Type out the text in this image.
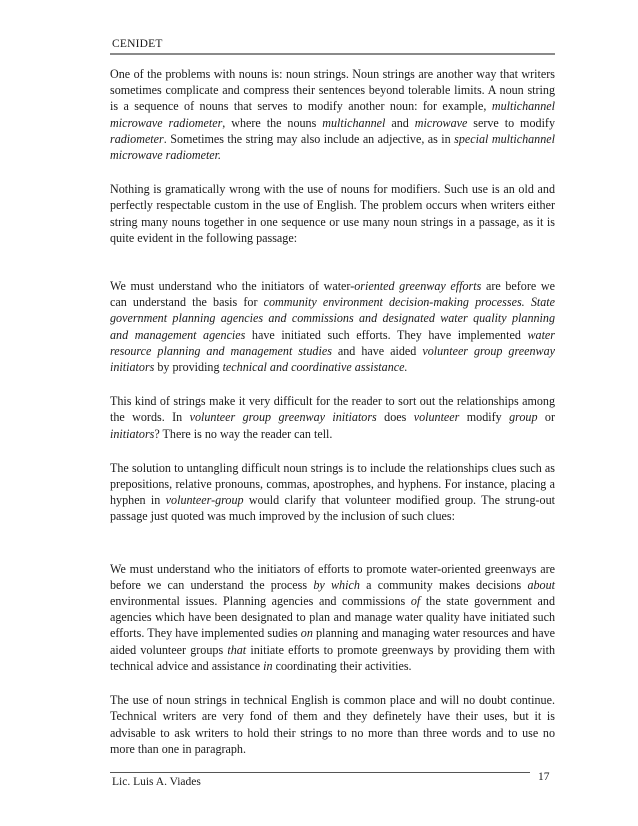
CENIDET

One of the problems with nouns is: noun strings. Noun strings are another way that writers sometimes complicate and compress their sentences beyond tolerable limits. A noun string is a sequence of nouns that serves to modify another noun: for example, multichannel microwave radiometer, where the nouns multichannel and microwave serve to modify radiometer. Sometimes the string may also include an adjective, as in special multichannel microwave radiometer.

Nothing is gramatically wrong with the use of nouns for modifiers. Such use is an old and perfectly respectable custom in the use of English. The problem occurs when writers either string many nouns together in one sequence or use many noun strings in a passage, as it is quite evident in the following passage:

We must understand who the initiators of water-oriented greenway efforts are before we can understand the basis for community environment decision-making processes. State government planning agencies and commissions and designated water quality planning and management agencies have initiated such efforts. They have implemented water resource planning and management studies and have aided volunteer group greenway initiators by providing technical and coordinative assistance.

This kind of strings make it very difficult for the reader to sort out the relationships among the words. In volunteer group greenway initiators does volunteer modify group or initiators? There is no way the reader can tell.

The solution to untangling difficult noun strings is to include the relationships clues such as prepositions, relative pronouns, commas, apostrophes, and hyphens. For instance, placing a hyphen in volunteer-group would clarify that volunteer modified group. The strung-out passage just quoted was much improved by the inclusion of such clues:

We must understand who the initiators of efforts to promote water-oriented greenways are before we can understand the process by which a community makes decisions about environmental issues. Planning agencies and commissions of the state government and agencies which have been designated to plan and manage water quality have initiated such efforts. They have implemented sudies on planning and managing water resources and have aided volunteer groups that initiate efforts to promote greenways by providing them with technical advice and assistance in coordinating their activities.

The use of noun strings in technical English is common place and will no doubt continue. Technical writers are very fond of them and they definetely have their uses, but it is advisable to ask writers to hold their strings to no more than three words and to use no more than one in paragraph.

Lic. Luis A. Viades	17
